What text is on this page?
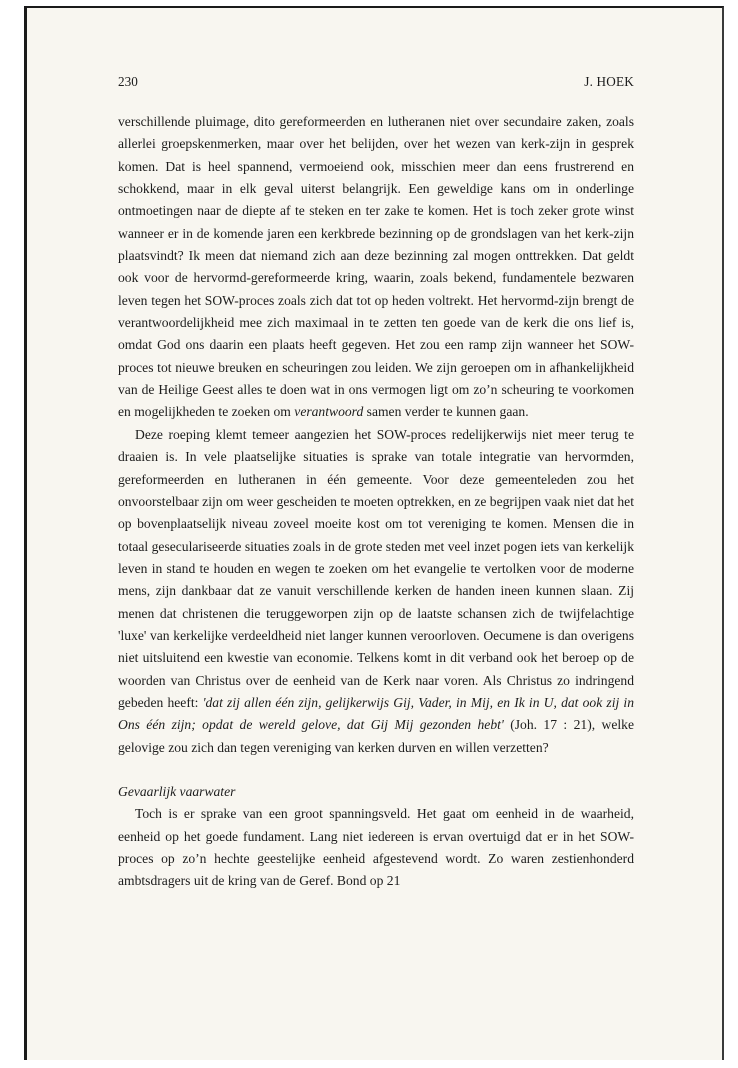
230	J. HOEK

verschillende pluimage, dito gereformeerden en lutheranen niet over secundaire zaken, zoals allerlei groepskenmerken, maar over het belijden, over het wezen van kerk-zijn in gesprek komen. Dat is heel spannend, vermoeiend ook, misschien meer dan eens frustrerend en schokkend, maar in elk geval uiterst belangrijk. Een geweldige kans om in onderlinge ontmoetingen naar de diepte af te steken en ter zake te komen. Het is toch zeker grote winst wanneer er in de komende jaren een kerkbrede bezinning op de grondslagen van het kerk-zijn plaatsvindt? Ik meen dat niemand zich aan deze bezinning zal mogen onttrekken. Dat geldt ook voor de hervormd-gereformeerde kring, waarin, zoals bekend, fundamentele bezwaren leven tegen het SOW-proces zoals zich dat tot op heden voltrekt. Het hervormd-zijn brengt de verantwoordelijkheid mee zich maximaal in te zetten ten goede van de kerk die ons lief is, omdat God ons daarin een plaats heeft gegeven. Het zou een ramp zijn wanneer het SOW-proces tot nieuwe breuken en scheuringen zou leiden. We zijn geroepen om in afhankelijkheid van de Heilige Geest alles te doen wat in ons vermogen ligt om zo’n scheuring te voorkomen en mogelijkheden te zoeken om verantwoord samen verder te kunnen gaan.

Deze roeping klemt temeer aangezien het SOW-proces redelijkerwijs niet meer terug te draaien is. In vele plaatselijke situaties is sprake van totale integratie van hervormden, gereformeerden en lutheranen in één gemeente. Voor deze gemeenteleden zou het onvoorstelbaar zijn om weer gescheiden te moeten optrekken, en ze begrijpen vaak niet dat het op bovenplaatselijk niveau zoveel moeite kost om tot vereniging te komen. Mensen die in totaal geseculariseerde situaties zoals in de grote steden met veel inzet pogen iets van kerkelijk leven in stand te houden en wegen te zoeken om het evangelie te vertolken voor de moderne mens, zijn dankbaar dat ze vanuit verschillende kerken de handen ineen kunnen slaan. Zij menen dat christenen die teruggeworpen zijn op de laatste schansen zich de twijfelachtige 'luxe' van kerkelijke verdeeldheid niet langer kunnen veroorloven. Oecumene is dan overigens niet uitsluitend een kwestie van economie. Telkens komt in dit verband ook het beroep op de woorden van Christus over de eenheid van de Kerk naar voren. Als Christus zo indringend gebeden heeft: 'dat zij allen één zijn, gelijkerwijs Gij, Vader, in Mij, en Ik in U, dat ook zij in Ons één zijn; opdat de wereld gelove, dat Gij Mij gezonden hebt' (Joh. 17 : 21), welke gelovige zou zich dan tegen vereniging van kerken durven en willen verzetten?

Gevaarlijk vaarwater

Toch is er sprake van een groot spanningsveld. Het gaat om eenheid in de waarheid, eenheid op het goede fundament. Lang niet iedereen is ervan overtuigd dat er in het SOW-proces op zo’n hechte geestelijke eenheid afgestevend wordt. Zo waren zestienhonderd ambtsdragers uit de kring van de Geref. Bond op 21
